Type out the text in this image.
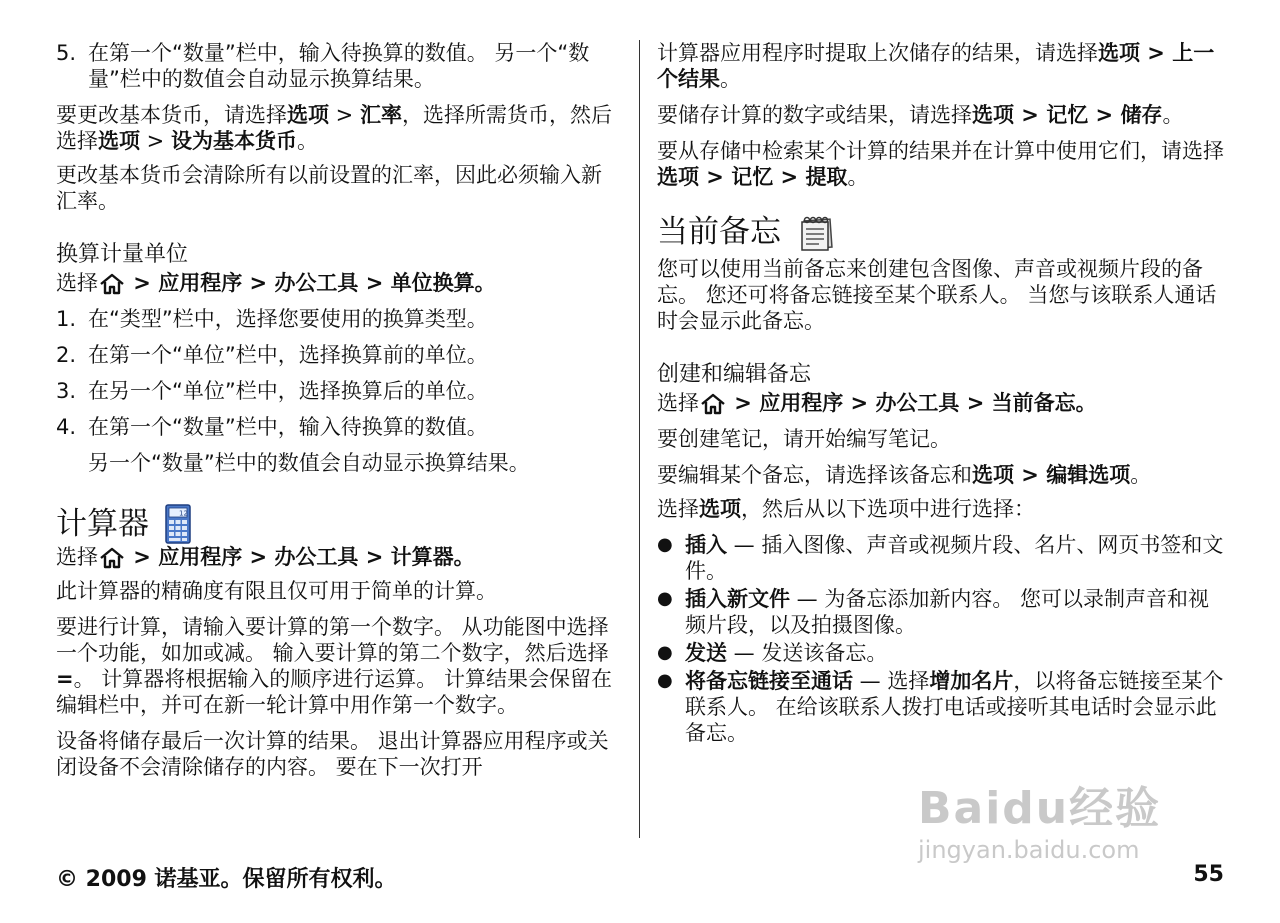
5. 在第一个“数量”栏中，输入待换算的数值。 另一个“数量”栏中的数值会自动显示换算结果。

要更改基本货币，请选择选项 > 汇率，选择所需货币，然后选择选项 > 设为基本货币。

更改基本货币会清除所有以前设置的汇率，因此必须输入新汇率。

换算计量单位

选择 > 应用程序 > 办公工具 > 单位换算。

1. 在“类型”栏中，选择您要使用的换算类型。
2. 在第一个“单位”栏中，选择换算前的单位。
3. 在另一个“单位”栏中，选择换算后的单位。
4. 在第一个“数量”栏中，输入待换算的数值。

另一个“数量”栏中的数值会自动显示换算结果。

计算器	12

选择 > 应用程序 > 办公工具 > 计算器。

此计算器的精确度有限且仅可用于简单的计算。

要进行计算，请输入要计算的第一个数字。 从功能图中选择一个功能，如加或减。 输入要计算的第二个数字，然后选择 =。 计算器将根据输入的顺序进行运算。 计算结果会保留在编辑栏中，并可在新一轮计算中用作第一个数字。

设备将储存最后一次计算的结果。 退出计算器应用程序或关闭设备不会清除储存的内容。 要在下一次打开

计算器应用程序时提取上次储存的结果，请选择选项 > 上一个结果。

要储存计算的数字或结果，请选择选项 > 记忆 > 储存。

要从存储中检索某个计算的结果并在计算中使用它们，请选择选项 > 记忆 > 提取。

当前备忘

您可以使用当前备忘来创建包含图像、声音或视频片段的备忘。 您还可将备忘链接至某个联系人。 当您与该联系人通话时会显示此备忘。

创建和编辑备忘

选择 > 应用程序 > 办公工具 > 当前备忘。

要创建笔记，请开始编写笔记。

要编辑某个备忘，请选择该备忘和选项 > 编辑选项。

选择选项，然后从以下选项中进行选择：

● 插入 — 插入图像、声音或视频片段、名片、网页书签和文件。
● 插入新文件 — 为备忘添加新内容。 您可以录制声音和视频片段，以及拍摄图像。
● 发送 — 发送该备忘。
● 将备忘链接至通话 — 选择增加名片，以将备忘链接至某个联系人。 在给该联系人拨打电话或接听其电话时会显示此备忘。
Baidu经验
jingyan.baidu.com
© 2009 诺基亚。保留所有权利。	55
